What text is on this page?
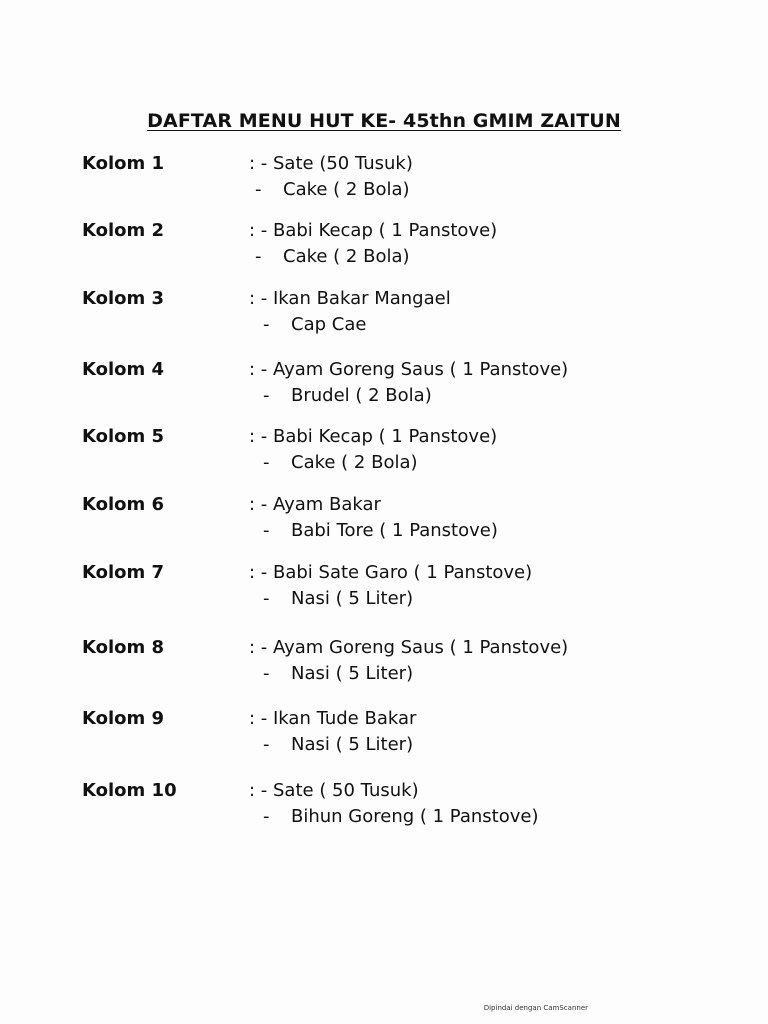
DAFTAR MENU HUT KE- 45thn GMIM ZAITUN
Kolom 1	: - Sate (50 Tusuk)
- Cake ( 2 Bola)
Kolom 2	: - Babi Kecap ( 1 Panstove)
- Cake ( 2 Bola)
Kolom 3	: - Ikan Bakar Mangael
- Cap Cae
Kolom 4	: - Ayam Goreng Saus ( 1 Panstove)
- Brudel ( 2 Bola)
Kolom 5	: - Babi Kecap ( 1 Panstove)
- Cake ( 2 Bola)
Kolom 6	: - Ayam Bakar
- Babi Tore ( 1 Panstove)
Kolom 7	: - Babi Sate Garo ( 1 Panstove)
- Nasi ( 5 Liter)
Kolom 8	: - Ayam Goreng Saus ( 1 Panstove)
- Nasi ( 5 Liter)
Kolom 9	: - Ikan Tude Bakar
- Nasi ( 5 Liter)
Kolom 10	: - Sate ( 50 Tusuk)
- Bihun Goreng ( 1 Panstove)
Dipindai dengan CamScanner
